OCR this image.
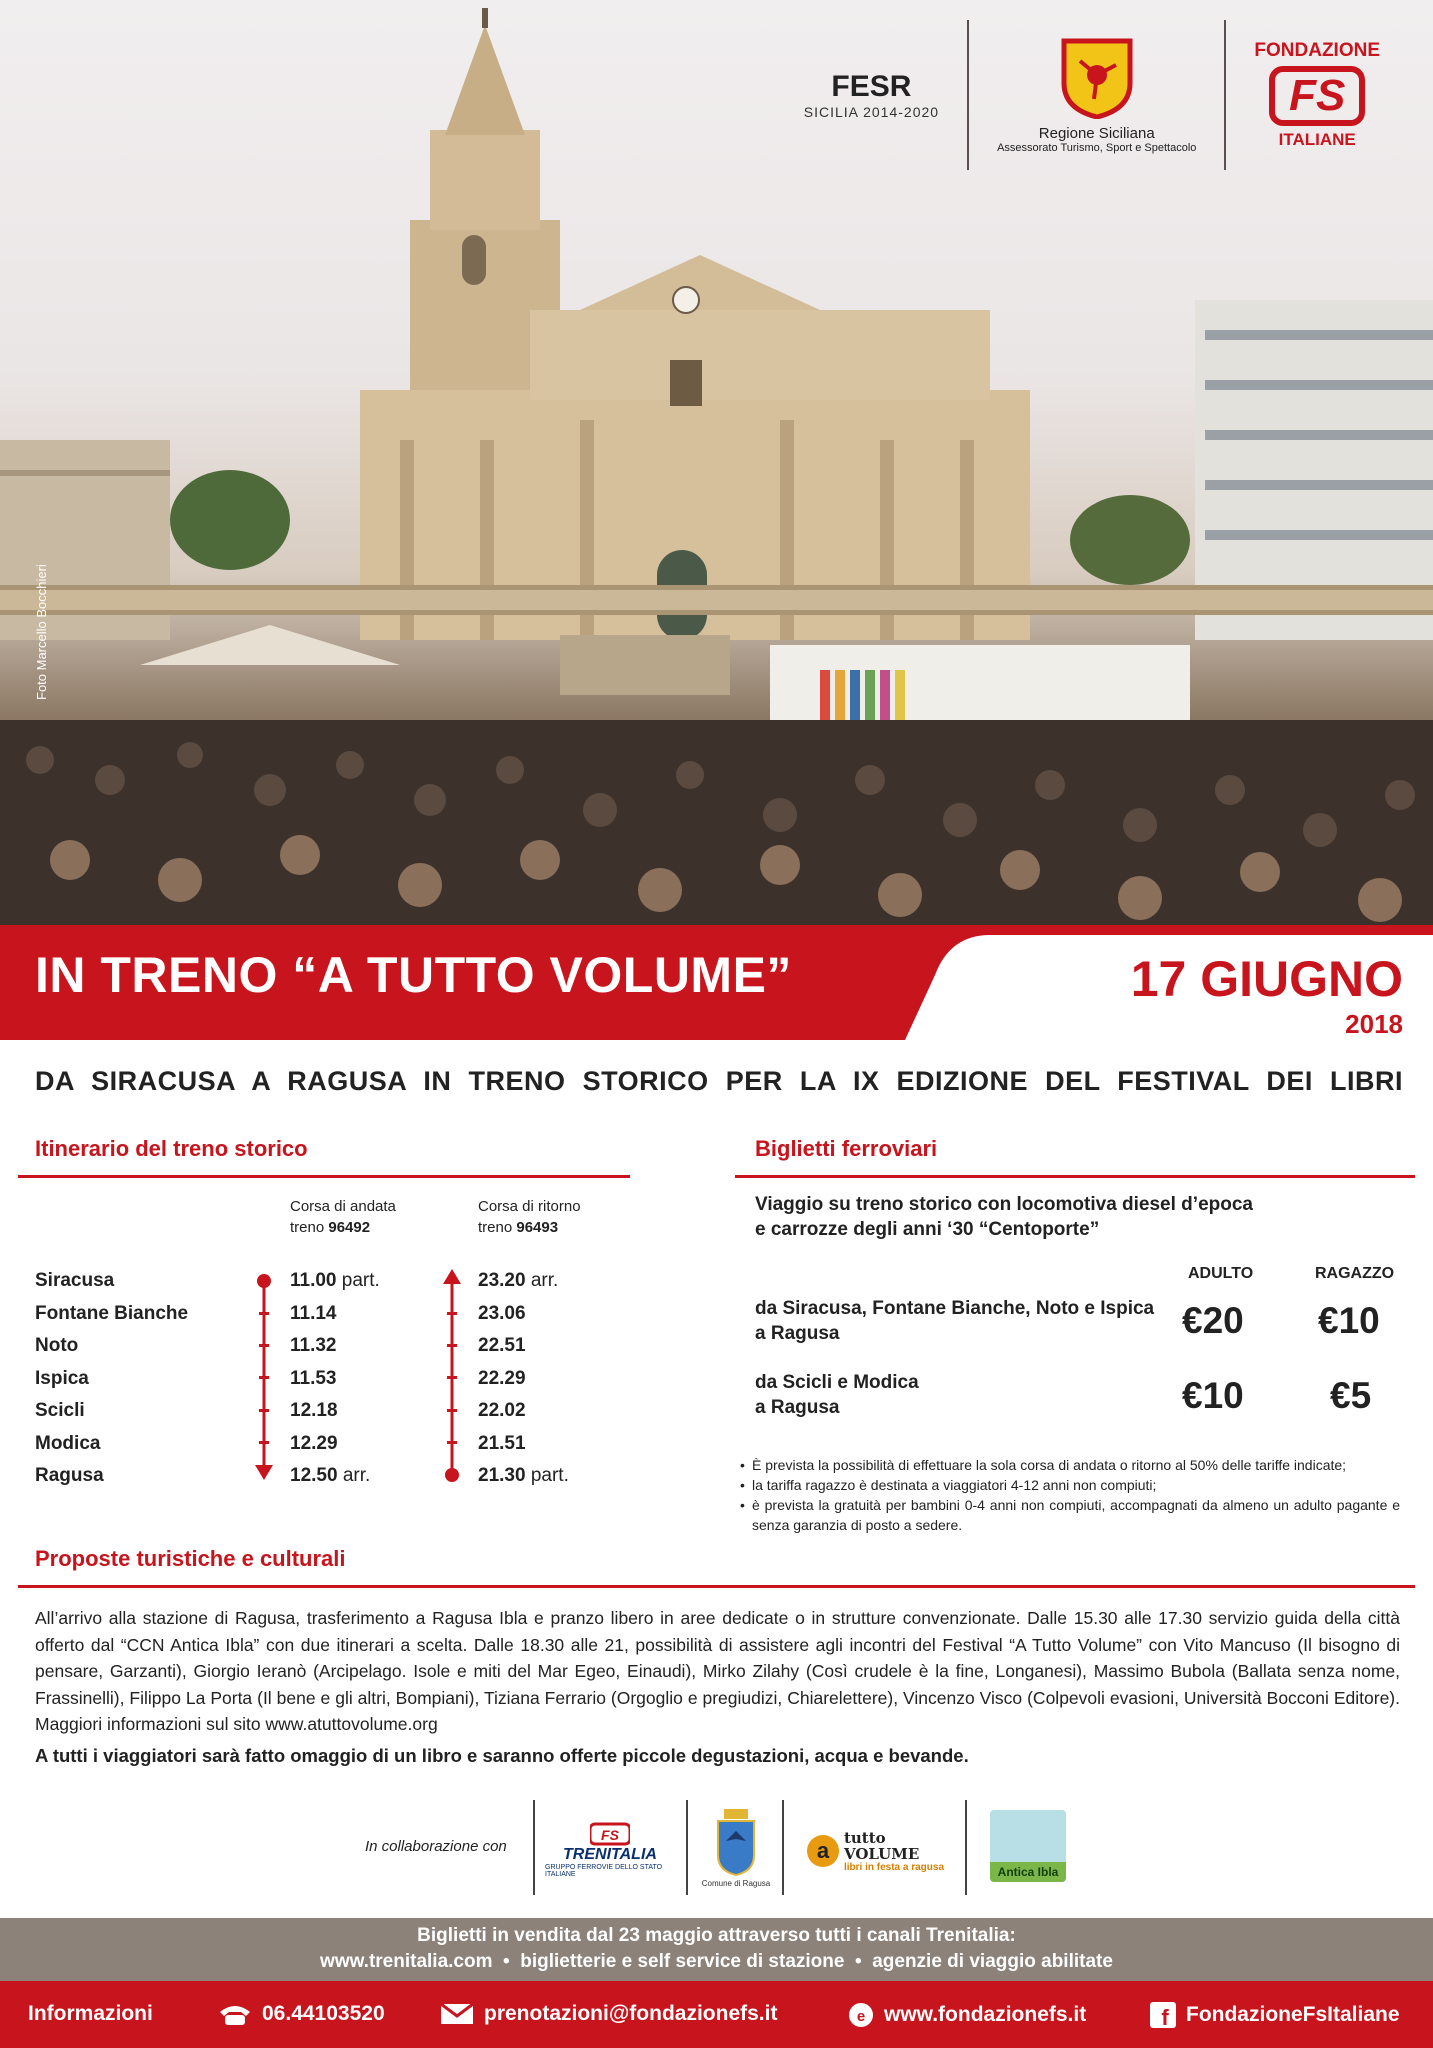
Foto Marcello Bocchieri
FESR
SICILIA 2014-2020
Regione Siciliana
Assessorato Turismo, Sport e Spettacolo
FONDAZIONE
FS
ITALIANE
IN TRENO “A TUTTO VOLUME”	17 GIUGNO
2018
DA SIRACUSA A RAGUSA IN TRENO STORICO PER LA IX EDIZIONE DEL FESTIVAL DEI LIBRI
Itinerario del treno storico
Corsa di andata
treno 96492
Corsa di ritorno
treno 96493
Siracusa	11.00 part.	23.20 arr.
Fontane Bianche	11.14	23.06
Noto	11.32	22.51
Ispica	11.53	22.29
Scicli	12.18	22.02
Modica	12.29	21.51
Ragusa	12.50 arr.	21.30 part.
Biglietti ferroviari
Viaggio su treno storico con locomotiva diesel d’epoca
e carrozze degli anni ‘30 “Centoporte”
ADULTO	RAGAZZO
da Siracusa, Fontane Bianche, Noto e Ispica
a Ragusa	€20 €10
da Scicli e Modica
a Ragusa	€10 €5
• È prevista la possibilità di effettuare la sola corsa di andata o ritorno al 50% delle tariffe indicate;
• la tariffa ragazzo è destinata a viaggiatori 4-12 anni non compiuti;
• è prevista la gratuità per bambini 0-4 anni non compiuti, accompagnati da almeno un adulto pagante e senza garanzia di posto a sedere.
Proposte turistiche e culturali
All’arrivo alla stazione di Ragusa, trasferimento a Ragusa Ibla e pranzo libero in aree dedicate o in strutture convenzionate. Dalle 15.30 alle 17.30 servizio guida della città offerto dal “CCN Antica Ibla” con due itinerari a scelta. Dalle 18.30 alle 21, possibilità di assistere agli incontri del Festival “A Tutto Volume” con Vito Mancuso (Il bisogno di pensare, Garzanti), Giorgio Ieranò (Arcipelago. Isole e miti del Mar Egeo, Einaudi), Mirko Zilahy (Così crudele è la fine, Longanesi), Massimo Bubola (Ballata senza nome, Frassinelli), Filippo La Porta (Il bene e gli altri, Bompiani), Tiziana Ferrario (Orgoglio e pregiudizi, Chiarelettere), Vincenzo Visco (Colpevoli evasioni, Università Bocconi Editore). Maggiori informazioni sul sito www.atuttovolume.org
A tutti i viaggiatori sarà fatto omaggio di un libro e saranno offerte piccole degustazioni, acqua e bevande.
In collaborazione con
FS
TRENITALIA
GRUPPO FERROVIE DELLO STATO ITALIANE
Comune di Ragusa
a
tutto
VOLUME
libri in festa a ragusa	Antica Ibla
Biglietti in vendita dal 23 maggio attraverso tutti i canali Trenitalia:
www.trenitalia.com  •  biglietterie e self service di stazione  •  agenzie di viaggio abilitate
Informazioni	06.44103520	prenotazioni@fondazionefs.it	e www.fondazionefs.it	f FondazioneFsItaliane
